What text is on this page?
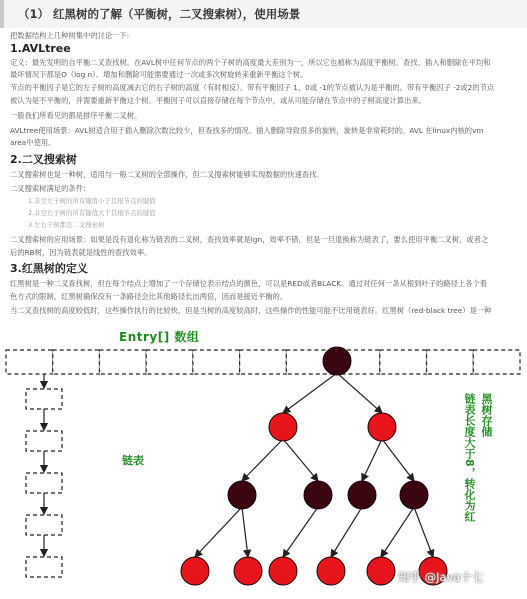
（1） 红黑树的了解（平衡树，二叉搜索树），使用场景
把数据结构上几种树集中的讨论一下:
1.AVLtree
定义：最先发明的自平衡二叉查找树。在AVL树中任何节点的两个子树的高度最大差别为一，所以它也被称为高度平衡树。查找、插入和删除在平均和
最坏情况下都是O（log n）。增加和删除可能需要通过一次或多次树旋转来重新平衡这个树。
节点的平衡因子是它的左子树的高度减去它的右子树的高度（有时相反）。带有平衡因子 1、0或 -1的节点被认为是平衡的。带有平衡因子 -2或2的节点
被认为是不平衡的，并需要重新平衡这个树。平衡因子可以直接存储在每个节点中，或从可能存储在节点中的子树高度计算出来。
一般我们所看见的都是排序平衡二叉树。
AVLtree使用场景：AVL树适合用于插入删除次数比较少，但查找多的情况。插入删除导致很多的旋转，旋转是非常耗时的。AVL 在linux内核的vm
area中使用。
2.二叉搜索树
二叉搜索树也是一种树，适用与一般二叉树的全部操作，但二叉搜索树能够实现数据的快速查找。
二叉搜索树满足的条件：
1.非空左子树的所有键值小于其根节点的键值
2.非空右子树的所有键值大于其根节点的键值
3.左右子树都是二叉搜索树
二叉搜索树的应用场景：如果是没有退化称为链表的二叉树，查找效率就是lgn，效率不错，但是一旦退换称为链表了，要么使用平衡二叉树，或者之
后的RB树，因为链表就是线性的查找效率。
3.红黑树的定义
红黑树是一种二叉查找树，但在每个结点上增加了一个存储位表示结点的颜色，可以是RED或者BLACK。通过对任何一条从根到叶子的路径上各个着
色方式的限制，红黑树确保没有一条路径会比其他路径长出两倍，因而是接近平衡的。
当二叉查找树的高度较低时，这些操作执行的比较快，但是当树的高度较高时，这些操作的性能可能不比用链表好。红黑树（red-black tree）是一种
Entry[] 数组
链表	链表长度大于8，转化为红 黑树存储
知乎 @Java十七
